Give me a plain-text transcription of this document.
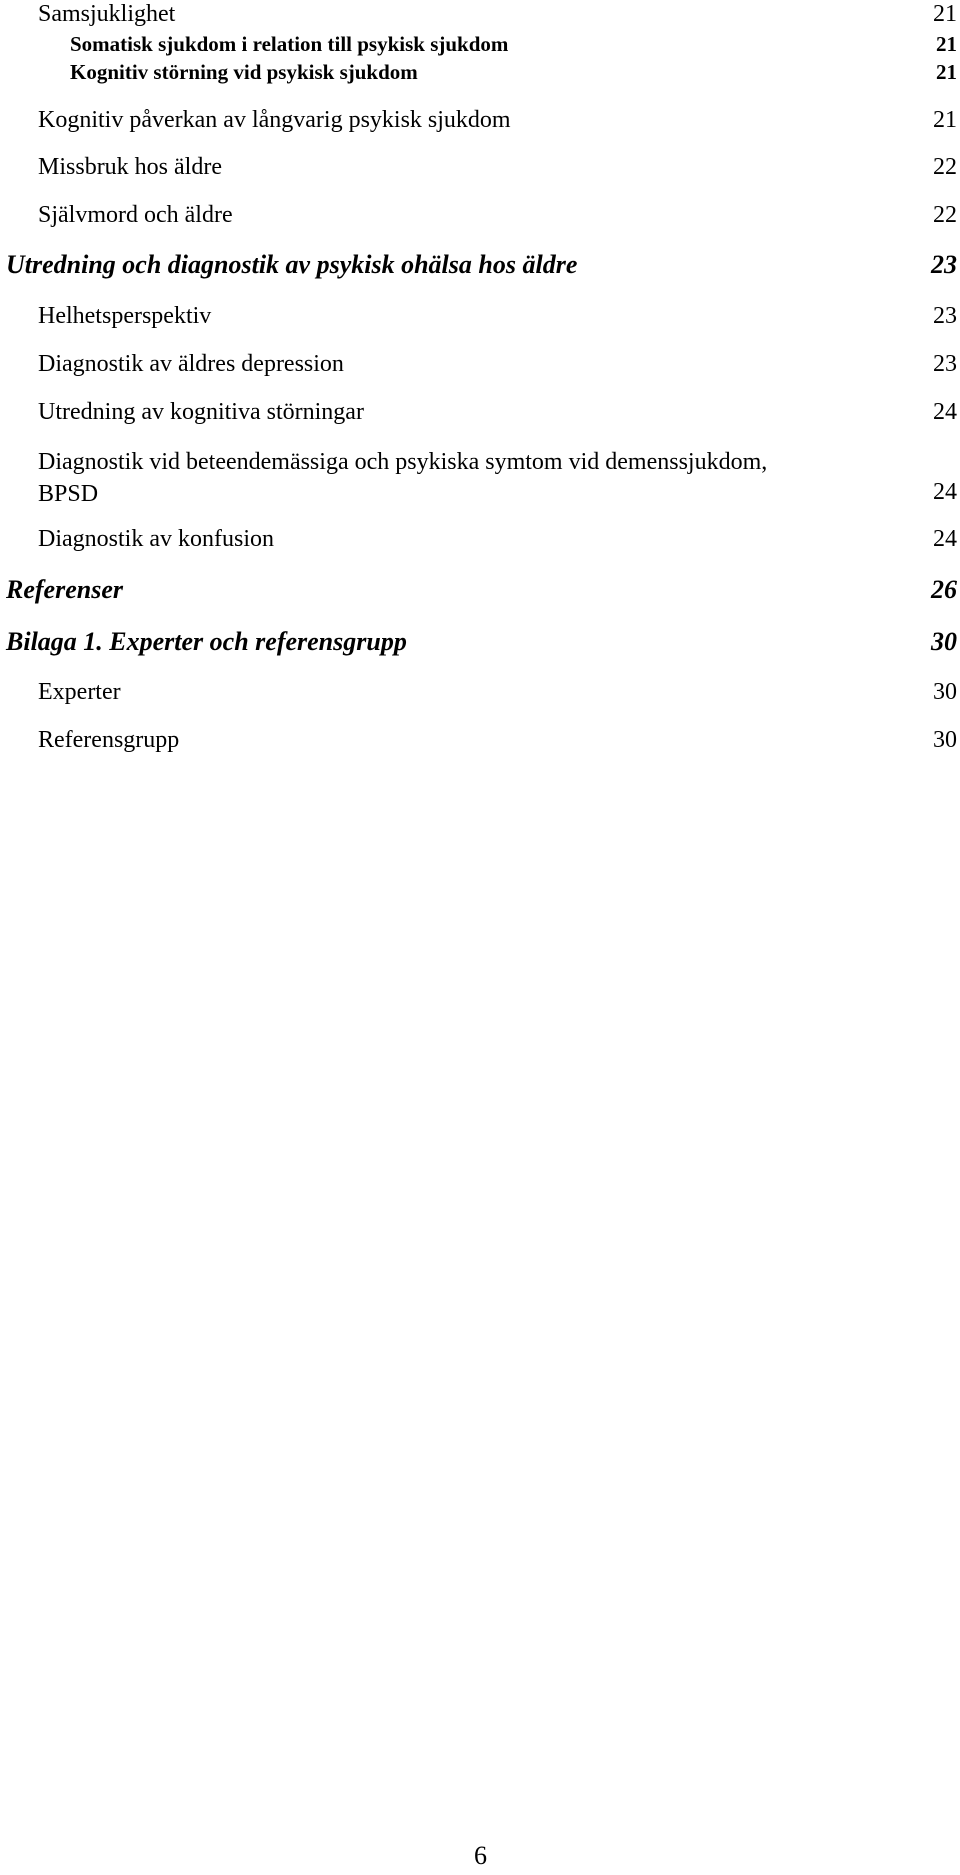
Samsjuklighet	21
Somatisk sjukdom i relation till psykisk sjukdom	21
Kognitiv störning vid psykisk sjukdom	21
Kognitiv påverkan av långvarig psykisk sjukdom	21
Missbruk hos äldre	22
Självmord och äldre	22
Utredning och diagnostik av psykisk ohälsa hos äldre	23
Helhetsperspektiv	23
Diagnostik av äldres depression	23
Utredning av kognitiva störningar	24
Diagnostik vid beteendemässiga och psykiska symtom vid demenssjukdom,
BPSD	24
Diagnostik av konfusion	24
Referenser	26
Bilaga 1. Experter och referensgrupp	30
Experter	30
Referensgrupp	30
6
